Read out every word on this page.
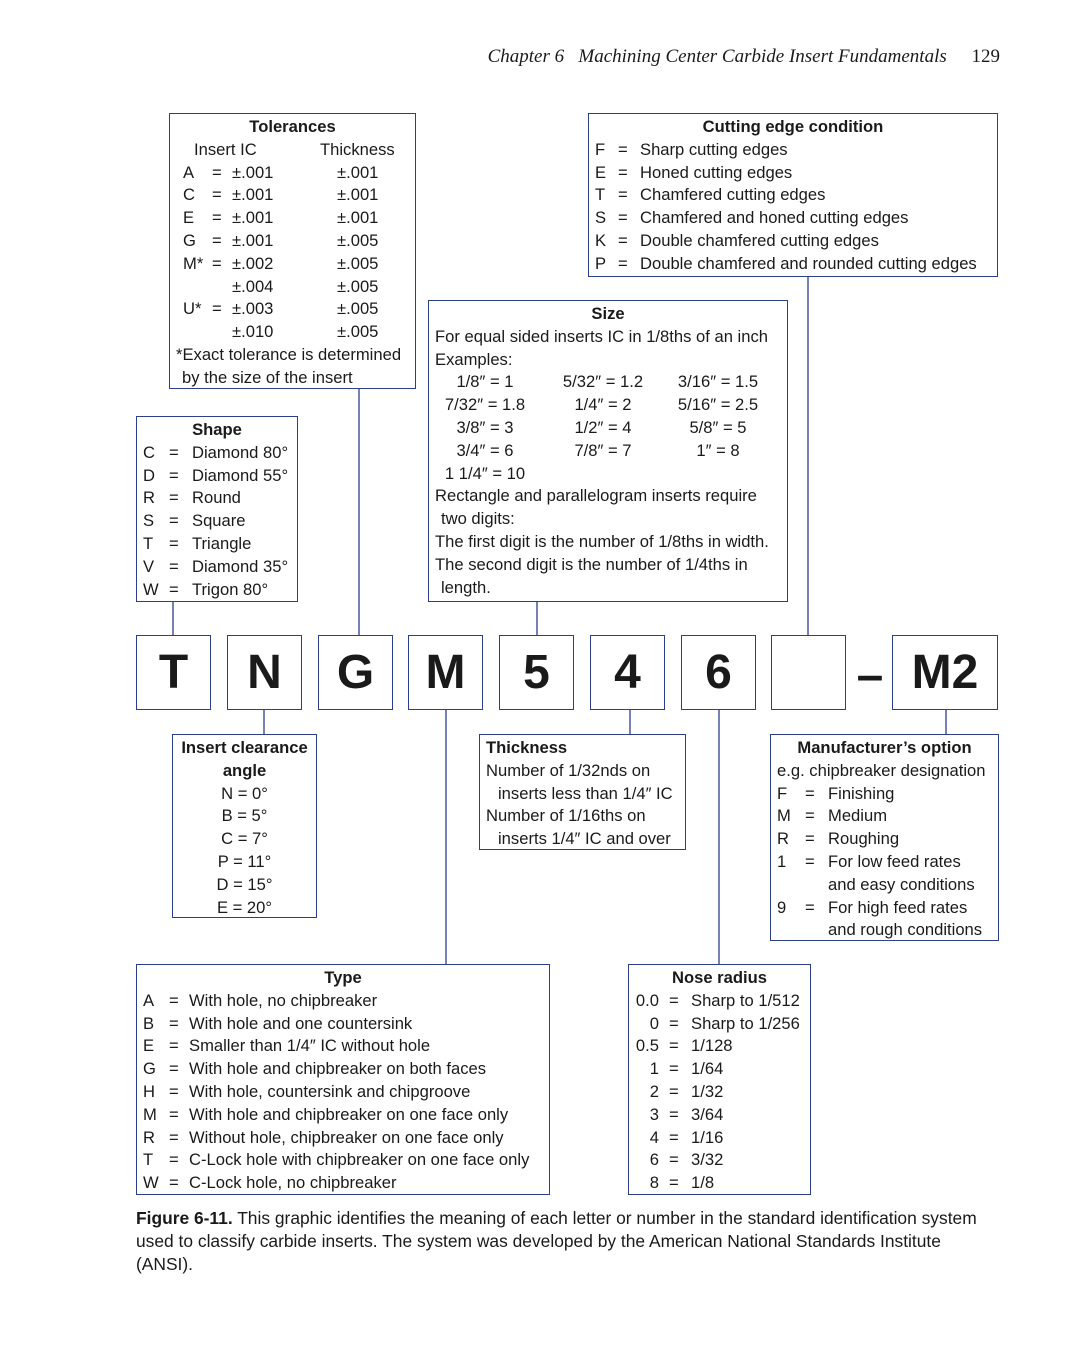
Chapter 6 Machining Center Carbide Insert Fundamentals 129
Tolerances
Insert IC	Thickness
A = ±.001	±.001
C = ±.001	±.001
E = ±.001	±.001
G = ±.001	±.005
M* = ±.002	±.005
±.004	±.005
U* = ±.003	±.005
±.010	±.005
*Exact tolerance is determined
by the size of the insert
Cutting edge condition
F = Sharp cutting edges
E = Honed cutting edges
T = Chamfered cutting edges
S = Chamfered and honed cutting edges
K = Double chamfered cutting edges
P = Double chamfered and rounded cutting edges
Shape
C = Diamond 80°
D = Diamond 55°
R = Round
S = Square
T = Triangle
V = Diamond 35°
W = Trigon 80°
Size
For equal sided inserts IC in 1/8ths of an inch
Examples:
1/8″ = 1	5/32″ = 1.2	3/16″ = 1.5
7/32″ = 1.8	1/4″ = 2	5/16″ = 2.5
3/8″ = 3	1/2″ = 4	5/8″ = 5
3/4″ = 6	7/8″ = 7	1″ = 8
1 1/4″ = 10
Rectangle and parallelogram inserts require
two digits:
The first digit is the number of 1/8ths in width.
The second digit is the number of 1/4ths in
length.
T	N	G	M	5	4	6	– M2
Insert clearance
angle
N = 0°
B = 5°
C = 7°
P = 11°
D = 15°
E = 20°
Thickness
Number of 1/32nds on
inserts less than 1/4″ IC
Number of 1/16ths on
inserts 1/4″ IC and over
Manufacturer’s option
e.g. chipbreaker designation
F = Finishing
M = Medium
R = Roughing
1 = For low feed rates
and easy conditions
9 = For high feed rates
and rough conditions
Type
A = With hole, no chipbreaker
B = With hole and one countersink
E = Smaller than 1/4″ IC without hole
G = With hole and chipbreaker on both faces
H = With hole, countersink and chipgroove
M = With hole and chipbreaker on one face only
R = Without hole, chipbreaker on one face only
T = C-Lock hole with chipbreaker on one face only
W = C-Lock hole, no chipbreaker
Nose radius
0.0 = Sharp to 1/512
0 = Sharp to 1/256
0.5 = 1/128
1 = 1/64
2 = 1/32
3 = 3/64
4 = 1/16
6 = 3/32
8 = 1/8
Figure 6-11. This graphic identifies the meaning of each letter or number in the standard identification system used to classify carbide inserts. The system was developed by the American National Standards Institute (ANSI).
